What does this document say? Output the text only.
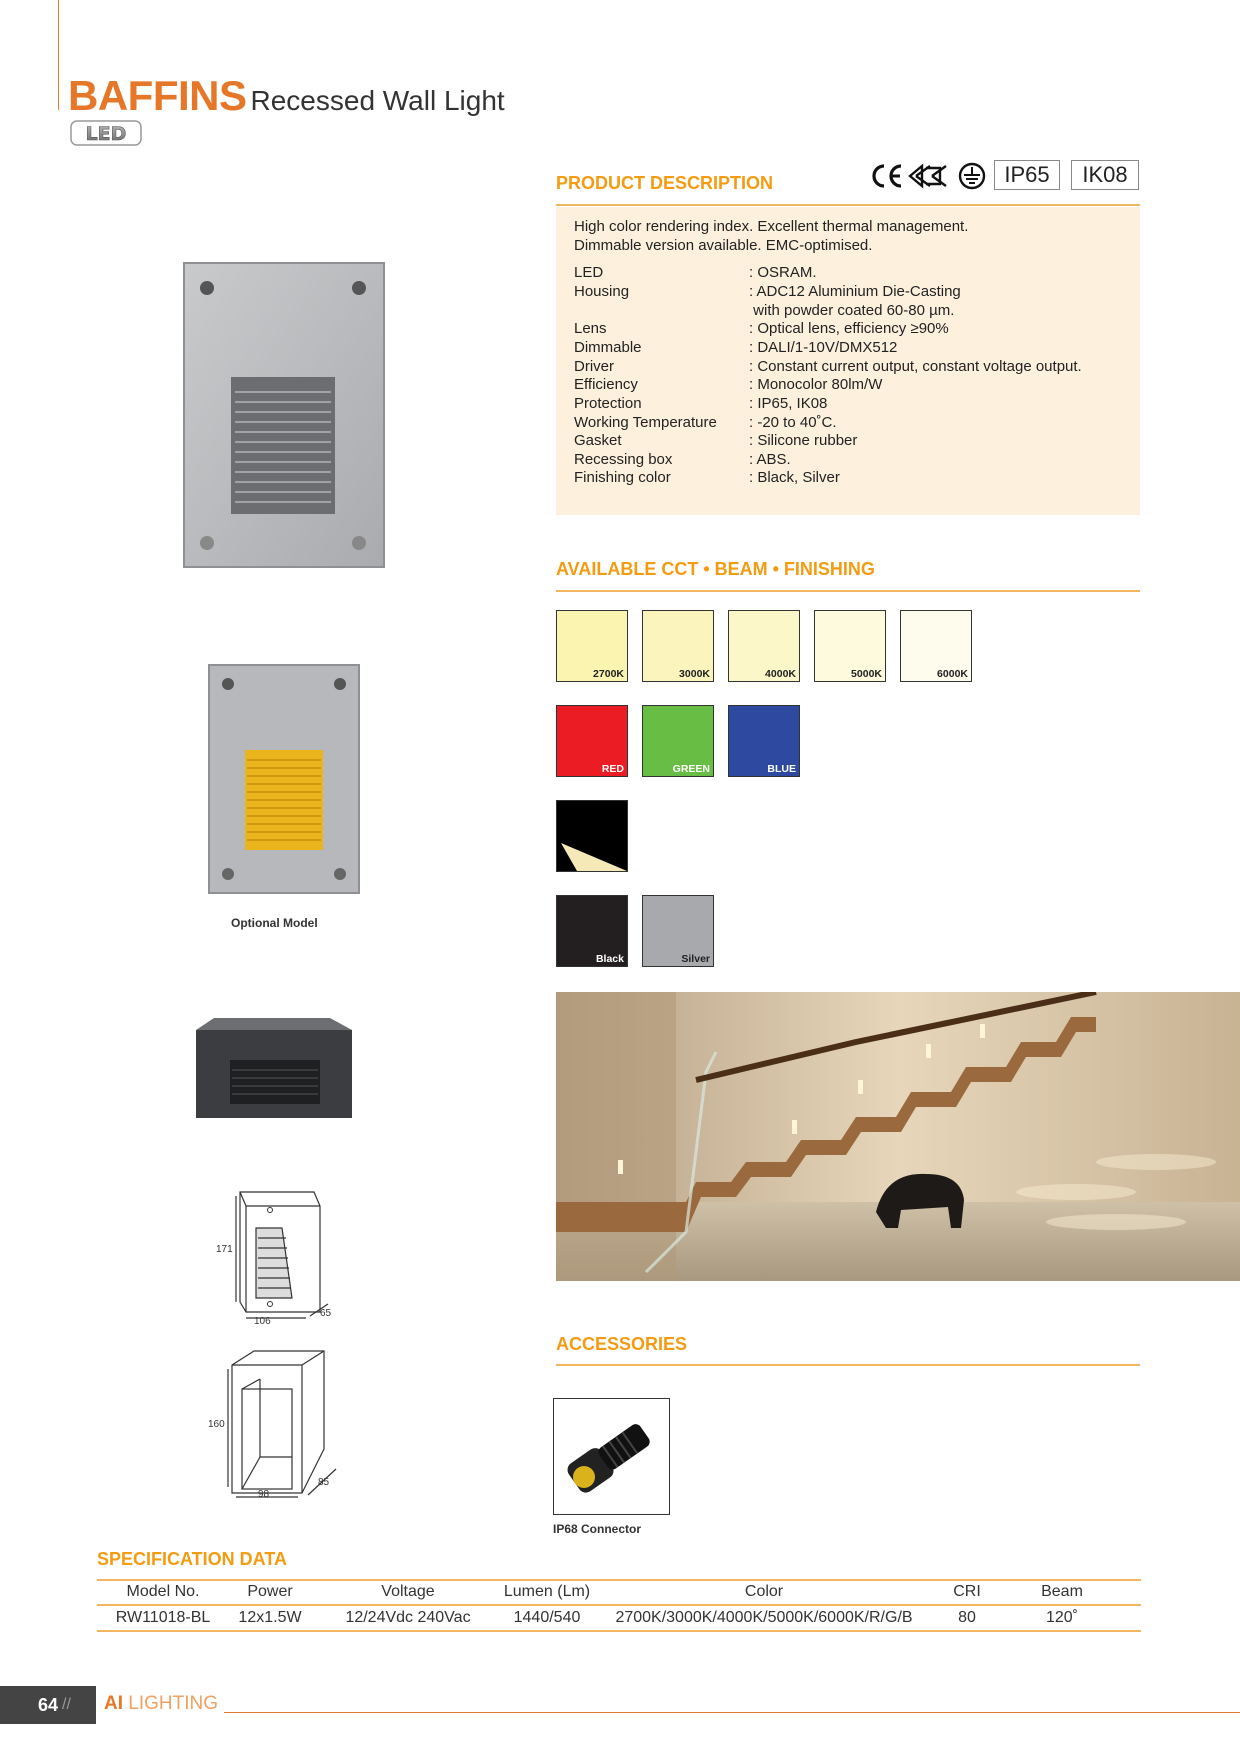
BAFFINS Recessed Wall Light
LED
PRODUCT DESCRIPTION	IP65	IK08
High color rendering index. Excellent thermal management.
Dimmable version available. EMC-optimised.
LED	: OSRAM.
Housing	: ADC12 Aluminium Die-Casting
with powder coated 60-80 µm.
Lens	: Optical lens, efficiency ≥90%
Dimmable	: DALI/1-10V/DMX512
Driver	: Constant current output, constant voltage output.
Efficiency	: Monocolor 80lm/W
Protection	: IP65, IK08
Working Temperature : -20 to 40˚C.
Gasket	: Silicone rubber
Recessing box	: ABS.
Finishing color	: Black, Silver
AVAILABLE CCT • BEAM • FINISHING
2700K	3000K	4000K	5000K	6000K
RED	GREEN	BLUE
Black	Silver
Optional Model
171
106
65
160
98
85
ACCESSORIES
IP68 Connector
SPECIFICATION DATA
Model No.	Power	Voltage	Lumen (Lm)	Color	CRI	Beam
RW11018-BL 12x1.5W	12/24Vdc 240Vac	1440/540 2700K/3000K/4000K/5000K/6000K/R/G/B	80	120˚
64 // AI LIGHTING
